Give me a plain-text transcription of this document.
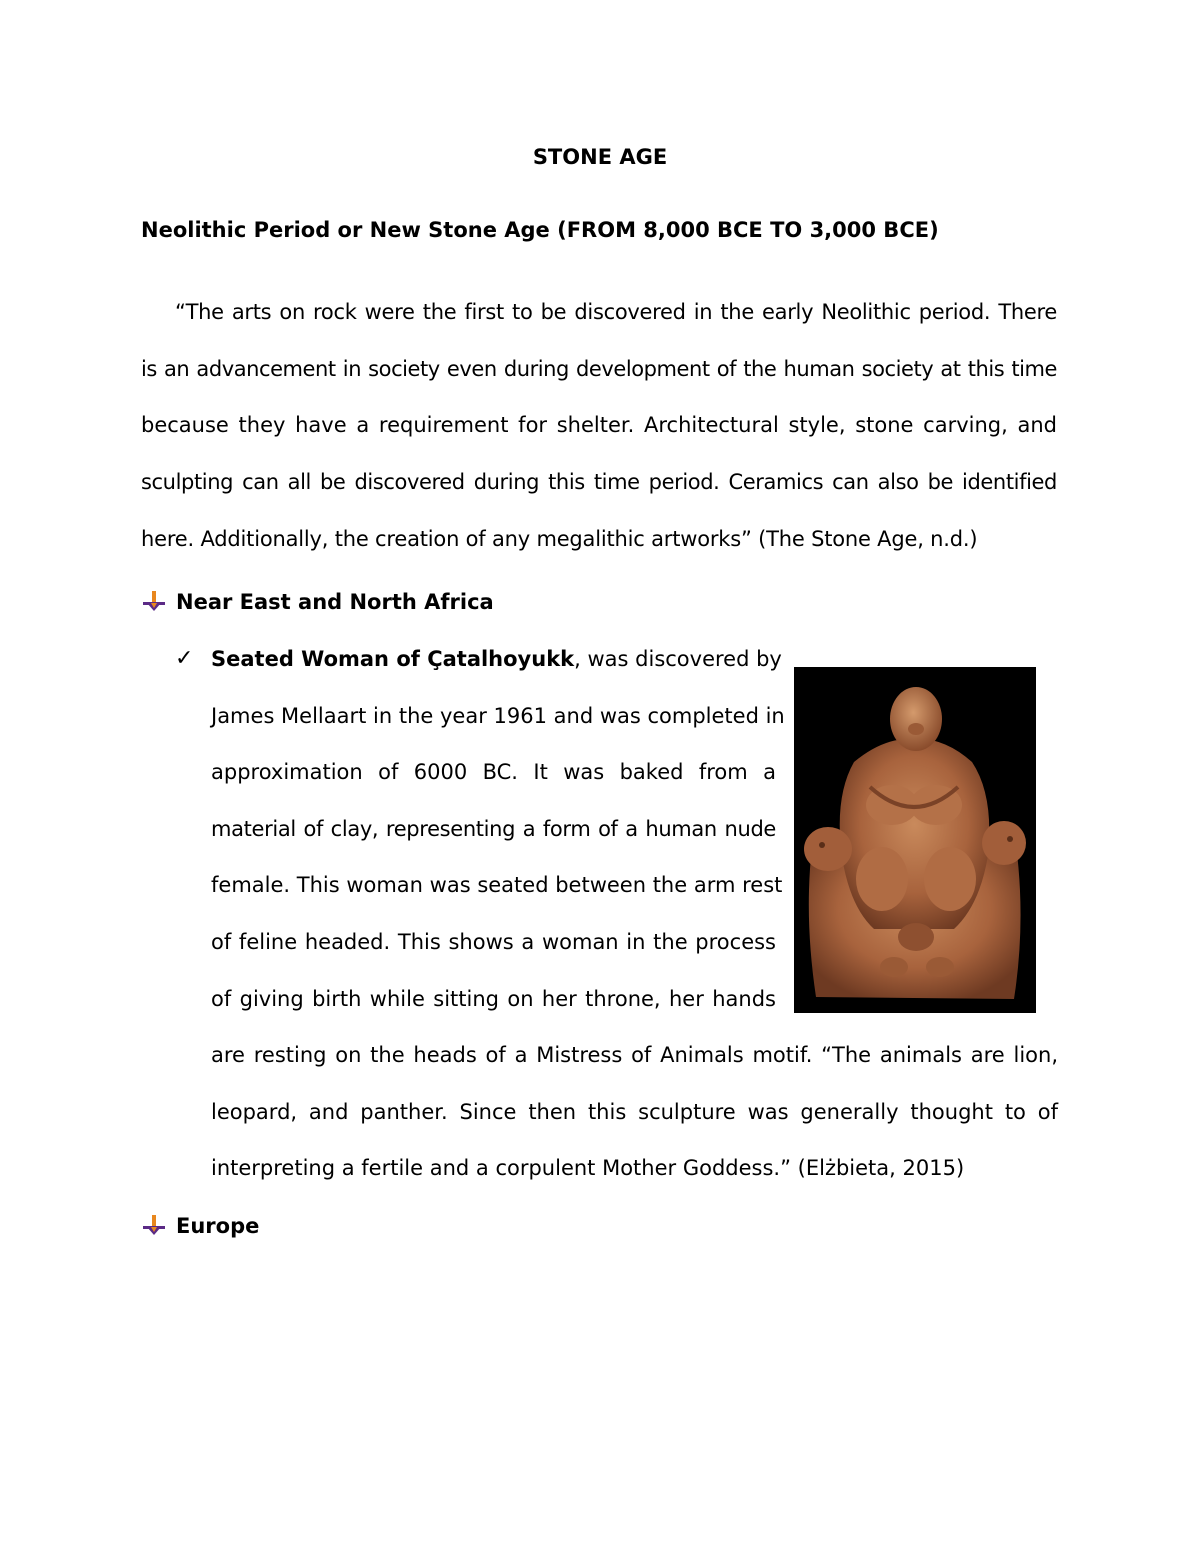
STONE AGE
Neolithic Period or New Stone Age (FROM 8,000 BCE TO 3,000 BCE)
“The arts on rock were the first to be discovered in the early Neolithic period. There
is an advancement in society even during development of the human society at this time
because they have a requirement for shelter. Architectural style, stone carving, and
sculpting can all be discovered during this time period. Ceramics can also be identified
here. Additionally, the creation of any megalithic artworks” (The Stone Age, n.d.)
Near East and North Africa
✓ Seated Woman of Çatalhoyukk, was discovered by
James Mellaart in the year 1961 and was completed in
approximation of 6000 BC. It was baked from a
material of clay, representing a form of a human nude
female. This woman was seated between the arm rest
of feline headed. This shows a woman in the process
of giving birth while sitting on her throne, her hands
are resting on the heads of a Mistress of Animals motif. “The animals are lion,
leopard, and panther. Since then this sculpture was generally thought to of
interpreting a fertile and a corpulent Mother Goddess.” (Elżbieta, 2015)
Europe
